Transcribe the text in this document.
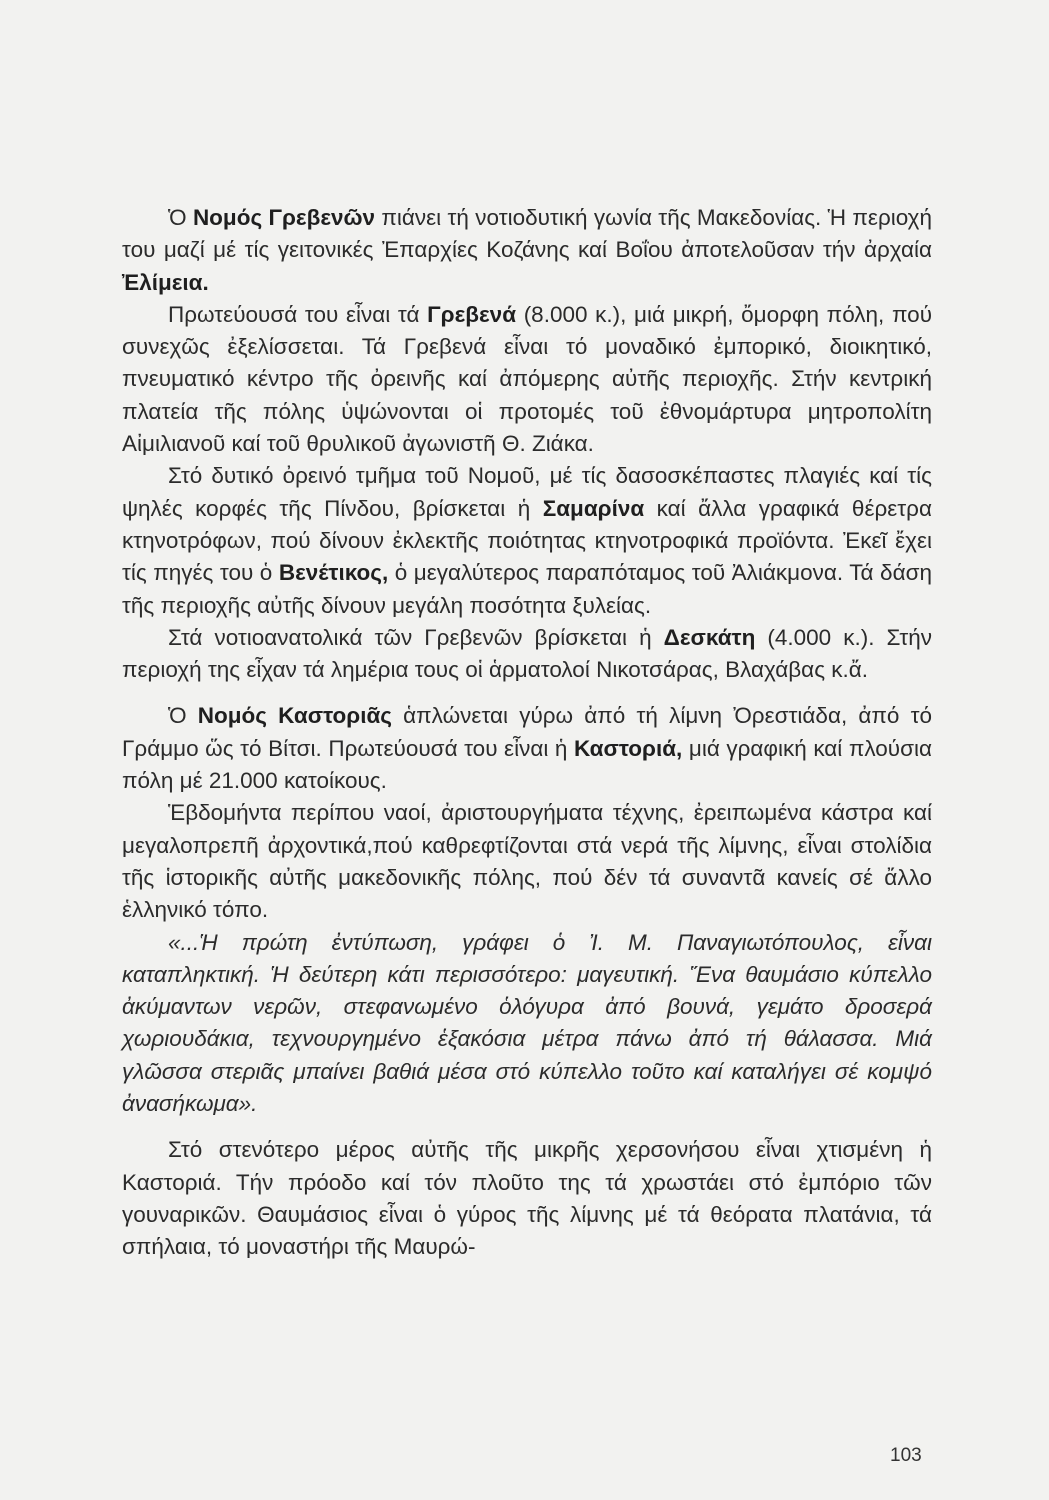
Ὁ Νομός Γρεβενῶν πιάνει τή νοτιοδυτική γωνία τῆς Μακεδονίας. Ἡ περιοχή του μαζί μέ τίς γειτονικές Ἐπαρχίες Κοζάνης καί Βοΐου ἀποτελοῦσαν τήν ἀρχαία Ἐλίμεια.

Πρωτεύουσά του εἶναι τά Γρεβενά (8.000 κ.), μιά μικρή, ὄμορφη πόλη, πού συνεχῶς ἐξελίσσεται. Τά Γρεβενά εἶναι τό μοναδικό ἐμπορικό, διοικητικό, πνευματικό κέντρο τῆς ὀρεινῆς καί ἀπόμερης αὐτῆς περιοχῆς. Στήν κεντρική πλατεία τῆς πόλης ὑψώνονται οἱ προτομές τοῦ ἐθνομάρτυρα μητροπολίτη Αἰμιλιανοῦ καί τοῦ θρυλικοῦ ἀγωνιστῆ Θ. Ζιάκα.

Στό δυτικό ὀρεινό τμῆμα τοῦ Νομοῦ, μέ τίς δασοσκέπαστες πλαγιές καί τίς ψηλές κορφές τῆς Πίνδου, βρίσκεται ἡ Σαμαρίνα καί ἄλλα γραφικά θέρετρα κτηνοτρόφων, πού δίνουν ἐκλεκτῆς ποιότητας κτηνοτροφικά προϊόντα. Ἐκεῖ ἔχει τίς πηγές του ὁ Βενέτικος, ὁ μεγαλύτερος παραπόταμος τοῦ Ἀλιάκμονα. Τά δάση τῆς περιοχῆς αὐτῆς δίνουν μεγάλη ποσότητα ξυλείας.

Στά νοτιοανατολικά τῶν Γρεβενῶν βρίσκεται ἡ Δεσκάτη (4.000 κ.). Στήν περιοχή της εἶχαν τά λημέρια τους οἱ ἁρματολοί Νικοτσάρας, Βλαχάβας κ.ἄ.

Ὁ Νομός Καστοριᾶς ἁπλώνεται γύρω ἀπό τή λίμνη Ὀρεστιάδα, ἀπό τό Γράμμο ὥς τό Βίτσι. Πρωτεύουσά του εἶναι ἡ Καστοριά, μιά γραφική καί πλούσια πόλη μέ 21.000 κατοίκους.

Ἑβδομήντα περίπου ναοί, ἀριστουργήματα τέχνης, ἐρειπωμένα κάστρα καί μεγαλοπρεπῆ ἀρχοντικά,πού καθρεφτίζονται στά νερά τῆς λίμνης, εἶναι στολίδια τῆς ἱστορικῆς αὐτῆς μακεδονικῆς πόλης, πού δέν τά συναντᾶ κανείς σέ ἄλλο ἑλληνικό τόπο.

«...Ἡ πρώτη ἐντύπωση, γράφει ὁ Ἰ. Μ. Παναγιωτόπουλος, εἶναι καταπληκτική. Ἡ δεύτερη κάτι περισσότερο: μαγευτική. Ἕνα θαυμάσιο κύπελλο ἀκύμαντων νερῶν, στεφανωμένο ὁλόγυρα ἀπό βουνά, γεμάτο δροσερά χωριουδάκια, τεχνουργημένο ἑξακόσια μέτρα πάνω ἀπό τή θάλασσα. Μιά γλῶσσα στεριᾶς μπαίνει βαθιά μέσα στό κύπελλο τοῦτο καί καταλήγει σέ κομψό ἀνασήκωμα».

Στό στενότερο μέρος αὐτῆς τῆς μικρῆς χερσονήσου εἶναι χτισμένη ἡ Καστοριά. Τήν πρόοδο καί τόν πλοῦτο της τά χρωστάει στό ἐμπόριο τῶν γουναρικῶν. Θαυμάσιος εἶναι ὁ γύρος τῆς λίμνης μέ τά θεόρατα πλατάνια, τά σπήλαια, τό μοναστήρι τῆς Μαυρώ-

103
